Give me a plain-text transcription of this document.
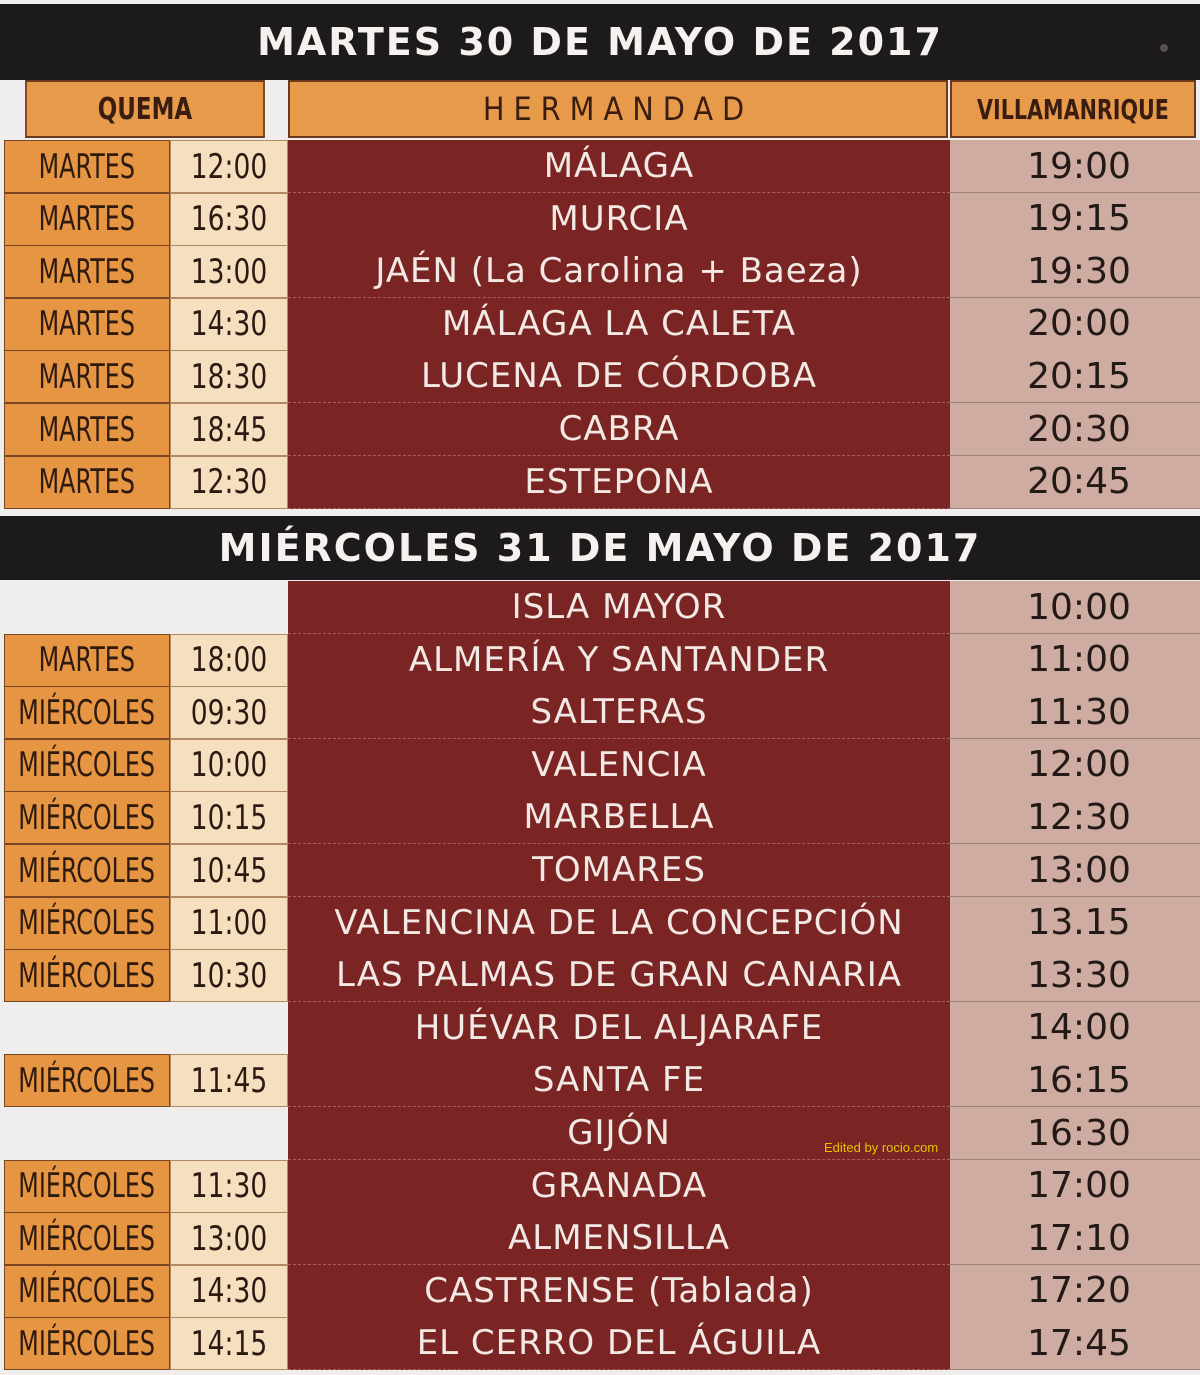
MARTES 30 DE MAYO DE 2017
QUEMA	HERMANDAD	VILLAMANRIQUE
MARTES 12:00	MÁLAGA	19:00
MARTES 16:30	MURCIA	19:15
MARTES 13:00	JAÉN (La Carolina + Baeza)	19:30
MARTES 14:30	MÁLAGA LA CALETA	20:00
MARTES 18:30	LUCENA DE CÓRDOBA	20:15
MARTES 18:45	CABRA	20:30
MARTES 12:30	ESTEPONA	20:45
MIÉRCOLES 31 DE MAYO DE 2017
ISLA MAYOR	10:00
MARTES 18:00	ALMERÍA Y SANTANDER	11:00
MIÉRCOLES 09:30	SALTERAS	11:30
MIÉRCOLES 10:00	VALENCIA	12:00
MIÉRCOLES 10:15	MARBELLA	12:30
MIÉRCOLES 10:45	TOMARES	13:00
MIÉRCOLES 11:00 VALENCINA DE LA CONCEPCIÓN	13.15
MIÉRCOLES 10:30 LAS PALMAS DE GRAN CANARIA	13:30
HUÉVAR DEL ALJARAFE	14:00
MIÉRCOLES 11:45	SANTA FE	16:15
GIJÓN	16:30
MIÉRCOLES 11:30	GRANADA	17:00
MIÉRCOLES 13:00	ALMENSILLA	17:10
MIÉRCOLES 14:30	CASTRENSE (Tablada)	17:20
MIÉRCOLES 14:15	EL CERRO DEL ÁGUILA	17:45
Edited by rocio.com
